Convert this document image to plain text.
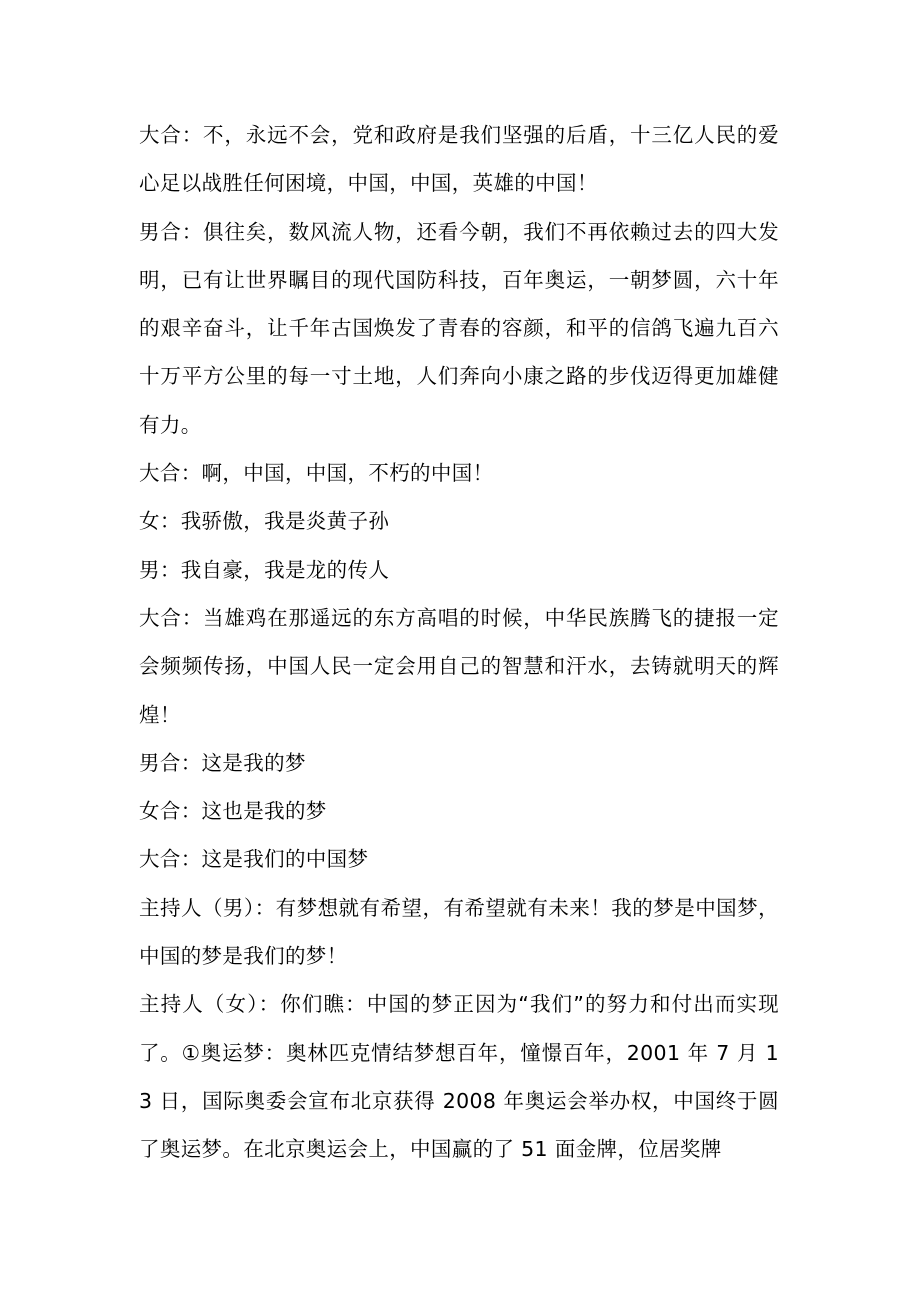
大合：不，永远不会，党和政府是我们坚强的后盾，十三亿人民的爱心足以战胜任何困境，中国，中国，英雄的中国！

男合：俱往矣，数风流人物，还看今朝，我们不再依赖过去的四大发明，已有让世界瞩目的现代国防科技，百年奥运，一朝梦圆，六十年的艰辛奋斗，让千年古国焕发了青春的容颜，和平的信鸽飞遍九百六十万平方公里的每一寸土地，人们奔向小康之路的步伐迈得更加雄健有力。

大合：啊，中国，中国，不朽的中国！

女：我骄傲，我是炎黄子孙

男：我自豪，我是龙的传人

大合：当雄鸡在那遥远的东方高唱的时候，中华民族腾飞的捷报一定会频频传扬，中国人民一定会用自己的智慧和汗水，去铸就明天的辉煌！

男合：这是我的梦

女合：这也是我的梦

大合：这是我们的中国梦

主持人（男）：有梦想就有希望，有希望就有未来！我的梦是中国梦，中国的梦是我们的梦！

主持人（女）：你们瞧：中国的梦正因为“我们”的努力和付出而实现了。①奥运梦：奥林匹克情结梦想百年，憧憬百年，2001 年 7 月 13 日，国际奥委会宣布北京获得 2008 年奥运会举办权，中国终于圆了奥运梦。在北京奥运会上，中国赢的了 51 面金牌，位居奖牌
